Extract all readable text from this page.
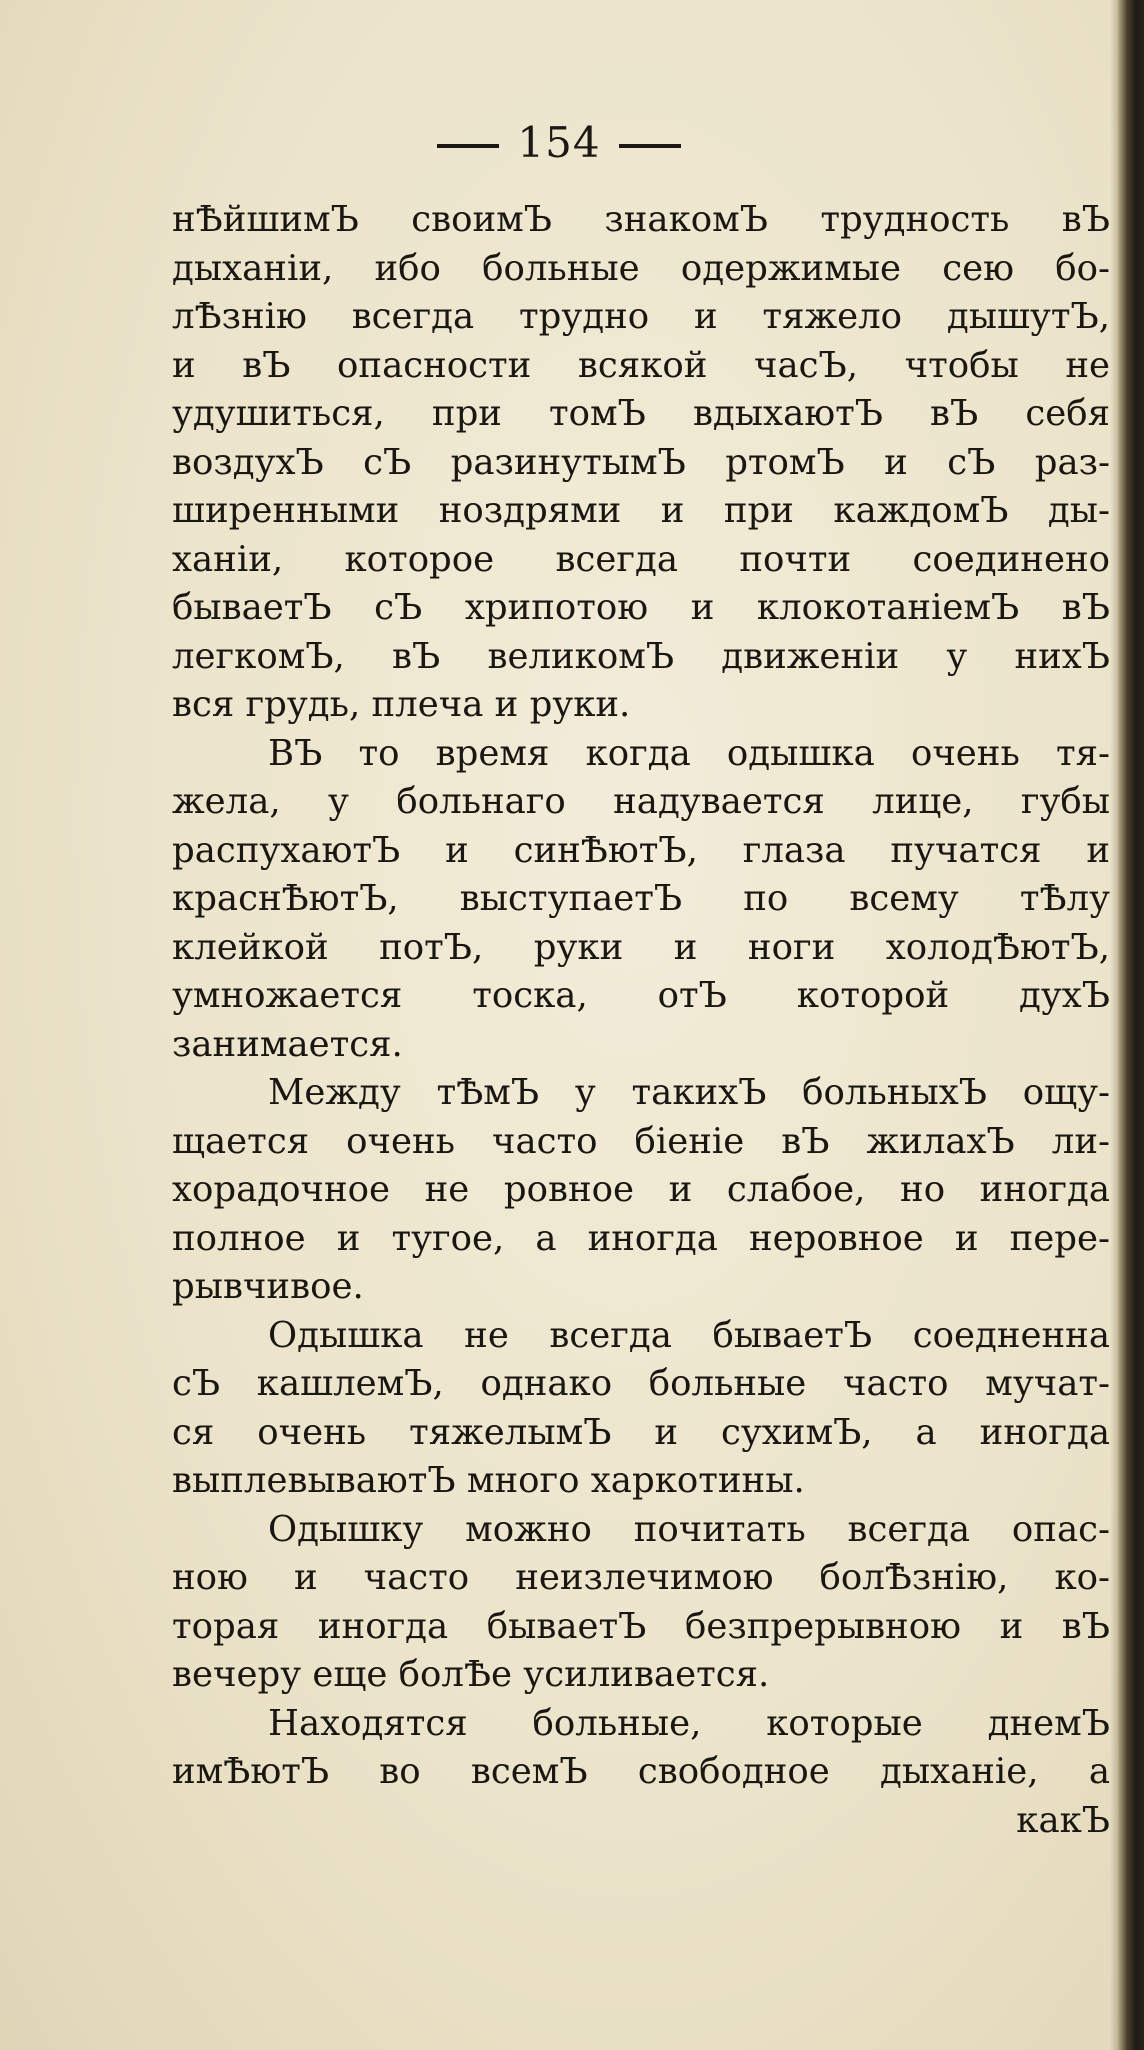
154
нѢйшимЪ своимЪ знакомЪ трудность вЪ
дыханіи, ибо больные одержимые сею бо-
лѢзнію всегда трудно и тяжело дышутЪ,
и вЪ опасности всякой часЪ, чтобы не
удушиться, при томЪ вдыхаютЪ вЪ себя
воздухЪ сЪ разинутымЪ ртомЪ и сЪ раз-
ширенными ноздрями и при каждомЪ ды-
ханіи, которое всегда почти соединено
бываетЪ сЪ хрипотою и клокотаніемЪ вЪ
легкомЪ, вЪ великомЪ движеніи у нихЪ
вся грудь, плеча и руки.
ВЪ то время когда одышка очень тя-
жела, у больнаго надувается лице, губы
распухаютЪ и синѢютЪ, глаза пучатся и
краснѢютЪ, выступаетЪ по всему тѢлу
клейкой потЪ, руки и ноги холодѢютЪ,
умножается тоска, отЪ которой духЪ
занимается.
Между тѢмЪ у такихЪ больныхЪ ощу-
щается очень часто біеніе вЪ жилахЪ ли-
хорадочное не ровное и слабое, но иногда
полное и тугое, а иногда неровное и пере-
рывчивое.
Одышка не всегда бываетЪ соедненна
сЪ кашлемЪ, однако больные часто мучат-
ся очень тяжелымЪ и сухимЪ, а иногда
выплевываютЪ много харкотины.
Одышку можно почитать всегда опас-
ною и часто неизлечимою болѢзнію, ко-
торая иногда бываетЪ безпрерывною и вЪ
вечеру еще болѢе усиливается.
Находятся больные, которые днемЪ
имѢютЪ во всемЪ свободное дыханіе, а
какЪ
